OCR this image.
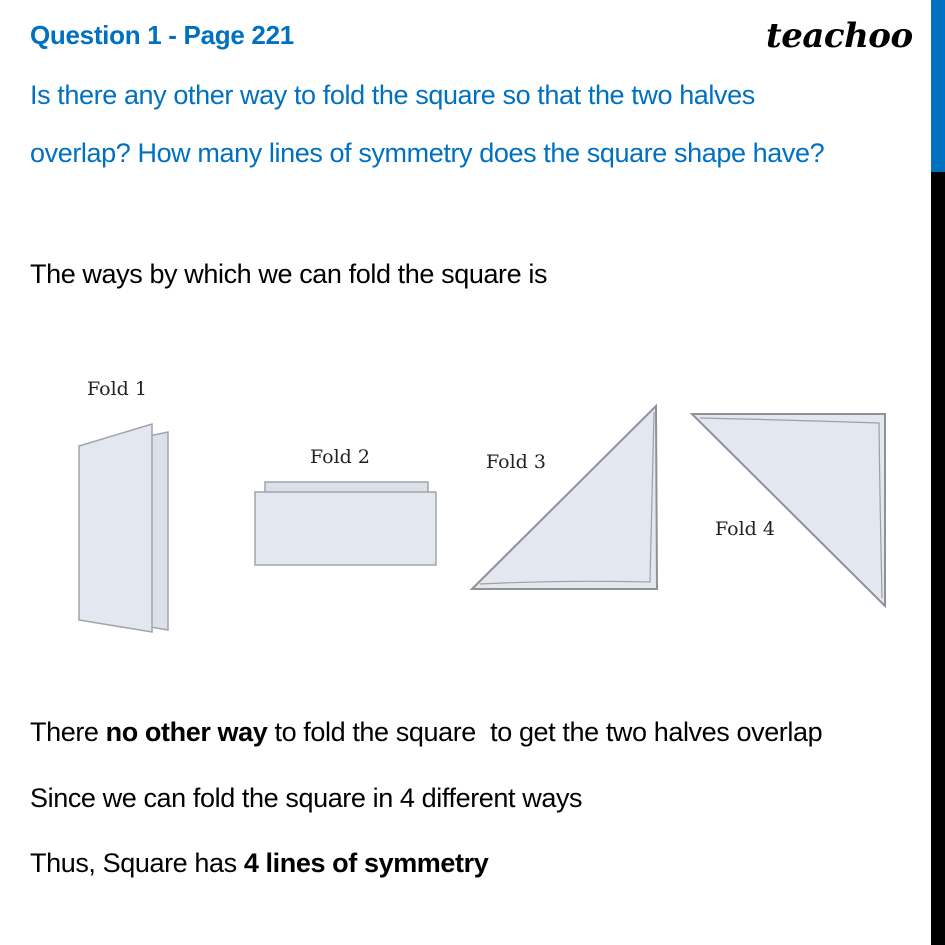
Question 1 - Page 221	teachoo
Is there any other way to fold the square so that the two halves
overlap? How many lines of symmetry does the square shape have?
The ways by which we can fold the square is
Fold 1
Fold 2	Fold 3
Fold 4
There no other way to fold the square  to get the two halves overlap
Since we can fold the square in 4 different ways
Thus, Square has 4 lines of symmetry
